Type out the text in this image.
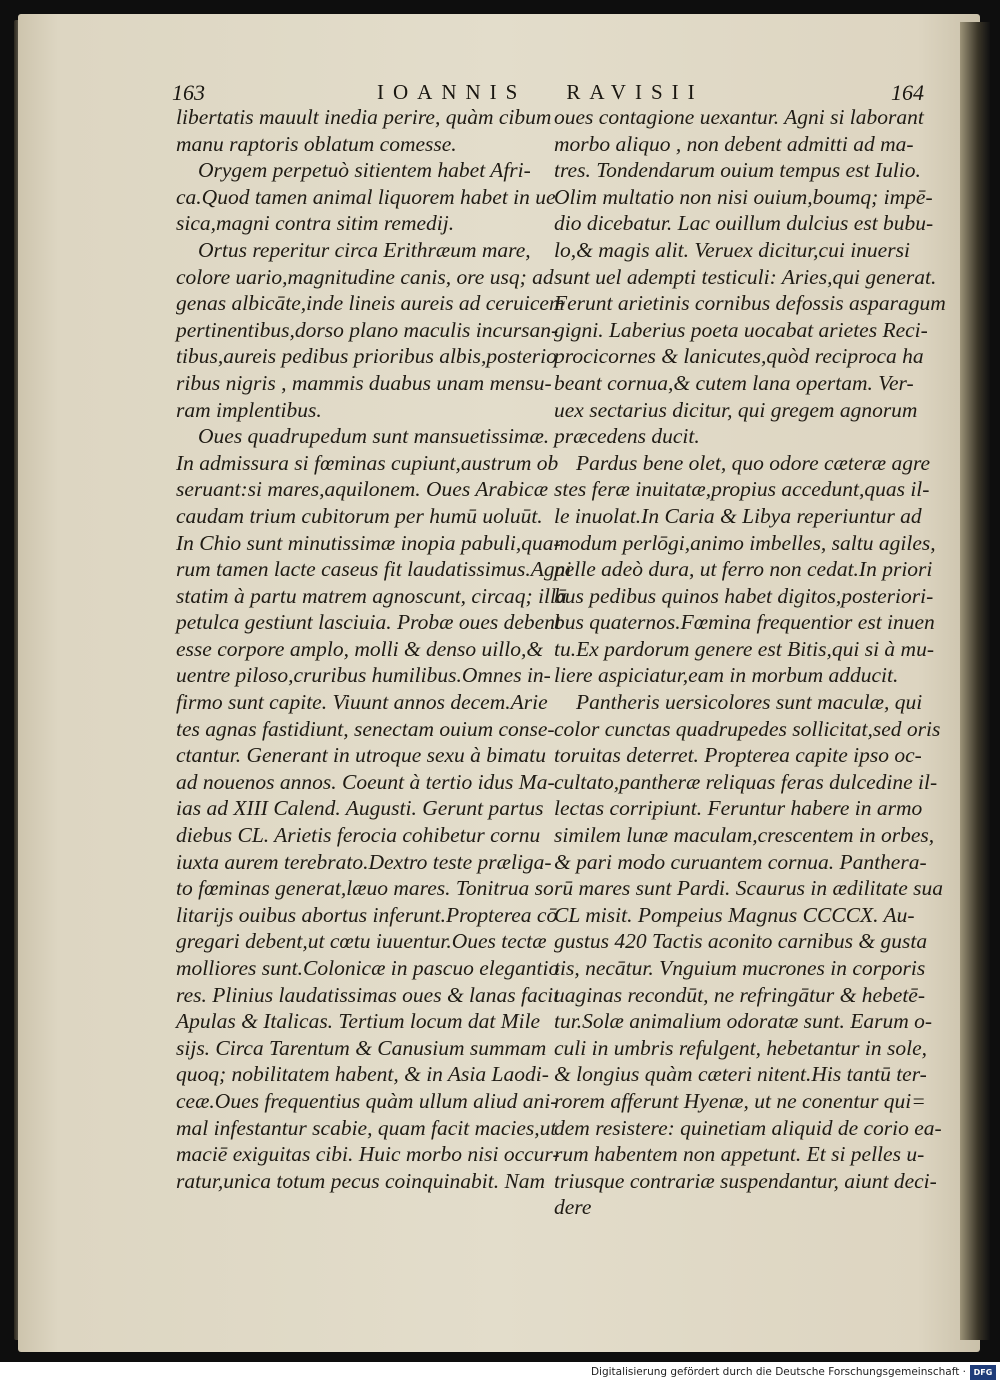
163	IOANNIS RAVISII	164
libertatis mauult inedia perire, quàm cibum
manu raptoris oblatum comesse.
Orygem perpetuò sitientem habet Afri-
ca.Quod tamen animal liquorem habet in ue
sica,magni contra sitim remedij.
Ortus reperitur circa Erithræum mare,
colore uario,magnitudine canis, ore usq; ad
genas albicāte,inde lineis aureis ad ceruicem
pertinentibus,dorso plano maculis incursan-
tibus,aureis pedibus prioribus albis,posterio
ribus nigris , mammis duabus unam mensu-
ram implentibus.
Oues quadrupedum sunt mansuetissimæ.
In admissura si fœminas cupiunt,austrum ob
seruant:si mares,aquilonem. Oues Arabicæ
caudam trium cubitorum per humū uoluūt.
In Chio sunt minutissimæ inopia pabuli,qua-
rum tamen lacte caseus fit laudatissimus.Agni
statim à partu matrem agnoscunt, circaq; illā
petulca gestiunt lasciuia. Probæ oues debent
esse corpore amplo, molli & denso uillo,&
uentre piloso,cruribus humilibus.Omnes in-
firmo sunt capite. Viuunt annos decem.Arie
tes agnas fastidiunt, senectam ouium conse-
ctantur. Generant in utroque sexu à bimatu
ad nouenos annos. Coeunt à tertio idus Ma-
ias ad XIII Calend. Augusti. Gerunt partus
diebus CL. Arietis ferocia cohibetur cornu
iuxta aurem terebrato.Dextro teste præliga-
to fœminas generat,læuo mares. Tonitrua so
litarijs ouibus abortus inferunt.Propterea cō
gregari debent,ut cœtu iuuentur.Oues tectæ
molliores sunt.Colonicæ in pascuo elegantio
res. Plinius laudatissimas oues & lanas facit
Apulas & Italicas. Tertium locum dat Mile
sijs. Circa Tarentum & Canusium summam
quoq; nobilitatem habent, & in Asia Laodi-
ceæ.Oues frequentius quàm ullum aliud ani-
mal infestantur scabie, quam facit macies,ut
maciē exiguitas cibi. Huic morbo nisi occur-
ratur,unica totum pecus coinquinabit. Nam
oues contagione uexantur. Agni si laborant
morbo aliquo , non debent admitti ad ma-
tres. Tondendarum ouium tempus est Iulio.
Olim multatio non nisi ouium,boumq; impē-
dio dicebatur. Lac ouillum dulcius est bubu-
lo,& magis alit. Veruex dicitur,cui inuersi
sunt uel adempti testiculi: Aries,qui generat.
Ferunt arietinis cornibus defossis asparagum
gigni. Laberius poeta uocabat arietes Reci-
procicornes & lanicutes,quòd reciproca ha
beant cornua,& cutem lana opertam. Ver-
uex sectarius dicitur, qui gregem agnorum
præcedens ducit.
Pardus bene olet, quo odore cæteræ agre
stes feræ inuitatæ,propius accedunt,quas il-
le inuolat.In Caria & Libya reperiuntur ad
modum perlōgi,animo imbelles, saltu agiles,
pelle adeò dura, ut ferro non cedat.In priori
bus pedibus quinos habet digitos,posteriori-
bus quaternos.Fœmina frequentior est inuen
tu.Ex pardorum genere est Bitis,qui si à mu-
liere aspiciatur,eam in morbum adducit.
Pantheris uersicolores sunt maculæ, qui
color cunctas quadrupedes sollicitat,sed oris
toruitas deterret. Propterea capite ipso oc-
cultato,pantheræ reliquas feras dulcedine il-
lectas corripiunt. Feruntur habere in armo
similem lunæ maculam,crescentem in orbes,
& pari modo curuantem cornua. Panthera-
rū mares sunt Pardi. Scaurus in ædilitate sua
CL misit. Pompeius Magnus CCCCX. Au-
gustus 420 Tactis aconito carnibus & gusta
tis, necātur. Vnguium mucrones in corporis
uaginas recondūt, ne refringātur & hebetē-
tur.Solæ animalium odoratæ sunt. Earum o-
culi in umbris refulgent, hebetantur in sole,
& longius quàm cæteri nitent.His tantū ter-
rorem afferunt Hyenæ, ut ne conentur qui=
dem resistere: quinetiam aliquid de corio ea-
rum habentem non appetunt. Et si pelles u-
triusque contrariæ suspendantur, aiunt deci-
dere
Digitalisierung gefördert durch die Deutsche Forschungsgemeinschaft · DFG
